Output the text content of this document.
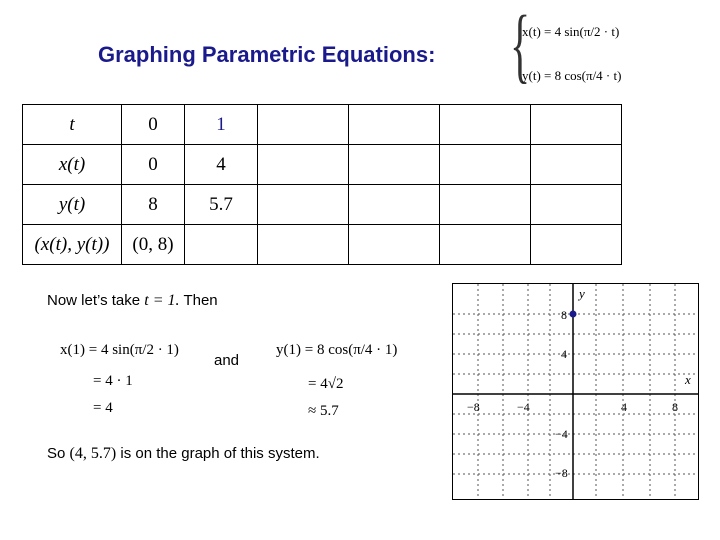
Graphing Parametric Equations: {
x(t) = 4 sin(π/2 · t)
y(t) = 8 cos(π/4 · t)
t	0	1				
x(t)	0	4				
y(t)	8	5.7				
(x(t), y(t))	(0, 8)					
Now let’s take t = 1. Then
x(1) = 4 sin(π/2 · 1)
= 4 · 1
= 4
and
y(1) = 8 cos(π/4 · 1)
= 4√2
≈ 5.7
So (4, 5.7) is on the graph of this system.
x
y
−8	−4	4	8
8
4
−4
−8
